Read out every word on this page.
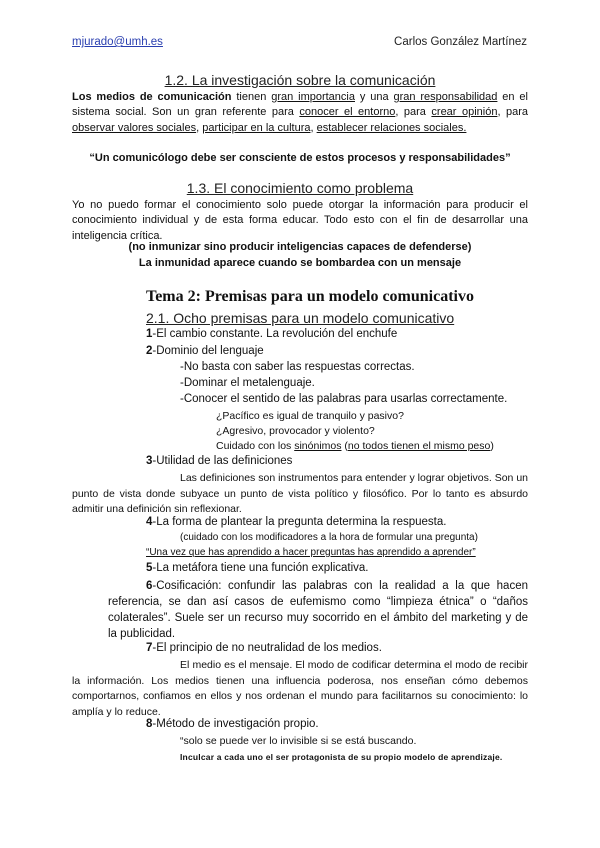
mjurado@umh.es	Carlos González Martínez
1.2. La investigación sobre la comunicación
Los medios de comunicación tienen gran importancia y una gran responsabilidad en el sistema social. Son un gran referente para conocer el entorno, para crear opinión, para observar valores sociales, participar en la cultura, establecer relaciones sociales.
“Un comunicólogo debe ser consciente de estos procesos y responsabilidades”
1.3. El conocimiento como problema
Yo no puedo formar el conocimiento solo puede otorgar la información para producir el conocimiento individual y de esta forma educar. Todo esto con el fin de desarrollar una inteligencia crítica.
(no inmunizar sino producir inteligencias capaces de defenderse)
La inmunidad aparece cuando se bombardea con un mensaje
Tema 2: Premisas para un modelo comunicativo
2.1. Ocho premisas para un modelo comunicativo
1-El cambio constante. La revolución del enchufe
2-Dominio del lenguaje
-No basta con saber las respuestas correctas.
-Dominar el metalenguaje.
-Conocer el sentido de las palabras para usarlas correctamente.
¿Pacífico es igual de tranquilo y pasivo?
¿Agresivo, provocador y violento?
Cuidado con los sinónimos (no todos tienen el mismo peso)
3-Utilidad de las definiciones
Las definiciones son instrumentos para entender y lograr objetivos. Son un punto de vista donde subyace un punto de vista político y filosófico. Por lo tanto es absurdo admitir una definición sin reflexionar.
4-La forma de plantear la pregunta determina la respuesta.
(cuidado con los modificadores a la hora de formular una pregunta)
“Una vez que has aprendido a hacer preguntas has aprendido a aprender”
5-La metáfora tiene una función explicativa.
6-Cosificación: confundir las palabras con la realidad a la que hacen referencia, se dan así casos de eufemismo como “limpieza étnica” o “daños colaterales”. Suele ser un recurso muy socorrido en el ámbito del marketing y de la publicidad.
7-El principio de no neutralidad de los medios.
El medio es el mensaje. El modo de codificar determina el modo de recibir la información. Los medios tienen una influencia poderosa, nos enseñan cómo debemos comportarnos, confiamos en ellos y nos ordenan el mundo para facilitarnos su conocimiento: lo amplía y lo reduce.
8-Método de investigación propio.
“solo se puede ver lo invisible si se está buscando.
Inculcar a cada uno el ser protagonista de su propio modelo de aprendizaje.
